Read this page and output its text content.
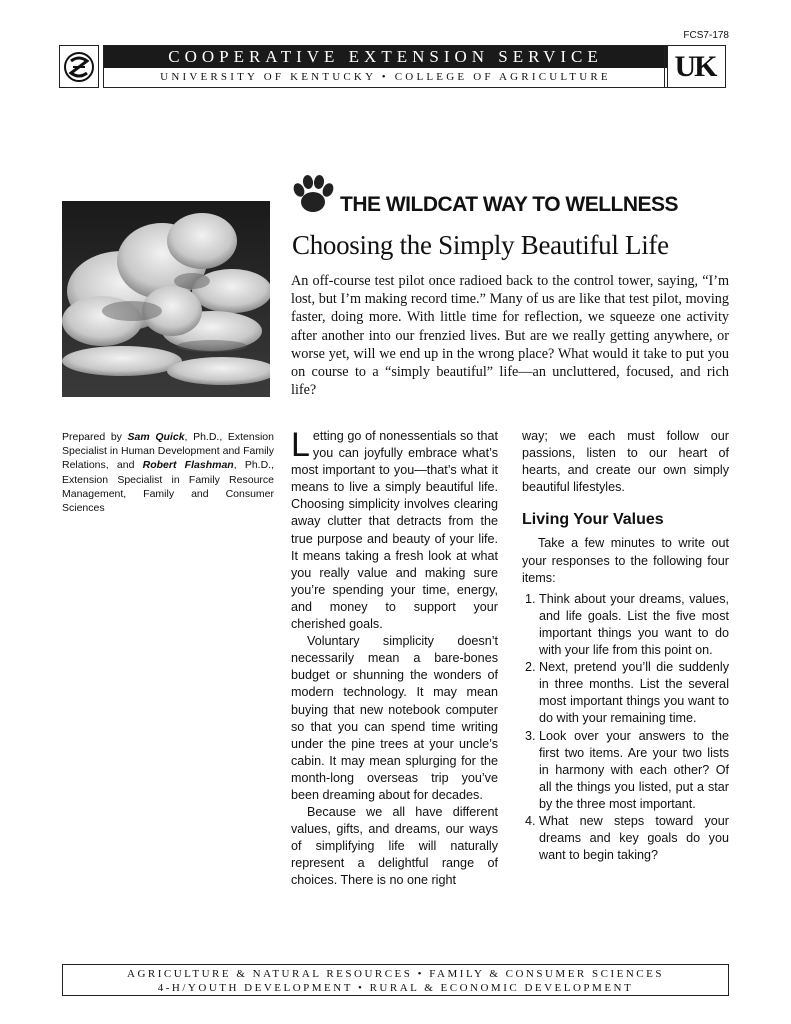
FCS7-178
COOPERATIVE EXTENSION SERVICE
UNIVERSITY OF KENTUCKY • COLLEGE OF AGRICULTURE	UK
THE WILDCAT WAY TO WELLNESS
Choosing the Simply Beautiful Life
An off-course test pilot once radioed back to the control tower, saying, “I’m lost, but I’m making record time.” Many of us are like that test pilot, moving faster, doing more. With little time for reflection, we squeeze one activity after another into our frenzied lives. But are we really getting anywhere, or worse yet, will we end up in the wrong place? What would it take to put you on course to a “simply beautiful” life—an uncluttered, focused, and rich life?
Prepared by Sam Quick, Ph.D., Extension Specialist in Human Development and Family Relations, and Robert Flashman, Ph.D., Extension Specialist in Family Resource Management, Family and Consumer Sciences

Letting go of nonessentials so that you can joyfully embrace what’s most important to you—that’s what it means to live a simply beautiful life. Choosing simplicity involves clearing away clutter that detracts from the true purpose and beauty of your life. It means taking a fresh look at what you really value and making sure you’re spending your time, energy, and money to support your cherished goals.

Voluntary simplicity doesn’t necessarily mean a bare-bones budget or shunning the wonders of modern technology. It may mean buying that new notebook computer so that you can spend time writing under the pine trees at your uncle’s cabin. It may mean splurging for the month-long overseas trip you’ve been dreaming about for decades.

Because we all have different values, gifts, and dreams, our ways of simplifying life will naturally represent a delightful range of choices. There is no one right

way; we each must follow our passions, listen to our heart of hearts, and create our own simply beautiful lifestyles.

Living Your Values

Take a few minutes to write out your responses to the following four items:

1. Think about your dreams, values, and life goals. List the five most important things you want to do with your life from this point on.
2. Next, pretend you’ll die suddenly in three months. List the several most important things you want to do with your remaining time.
3. Look over your answers to the first two items. Are your two lists in harmony with each other? Of all the things you listed, put a star by the three most important.
4. What new steps toward your dreams and key goals do you want to begin taking?
AGRICULTURE & NATURAL RESOURCES • FAMILY & CONSUMER SCIENCES
4-H/YOUTH DEVELOPMENT • RURAL & ECONOMIC DEVELOPMENT
